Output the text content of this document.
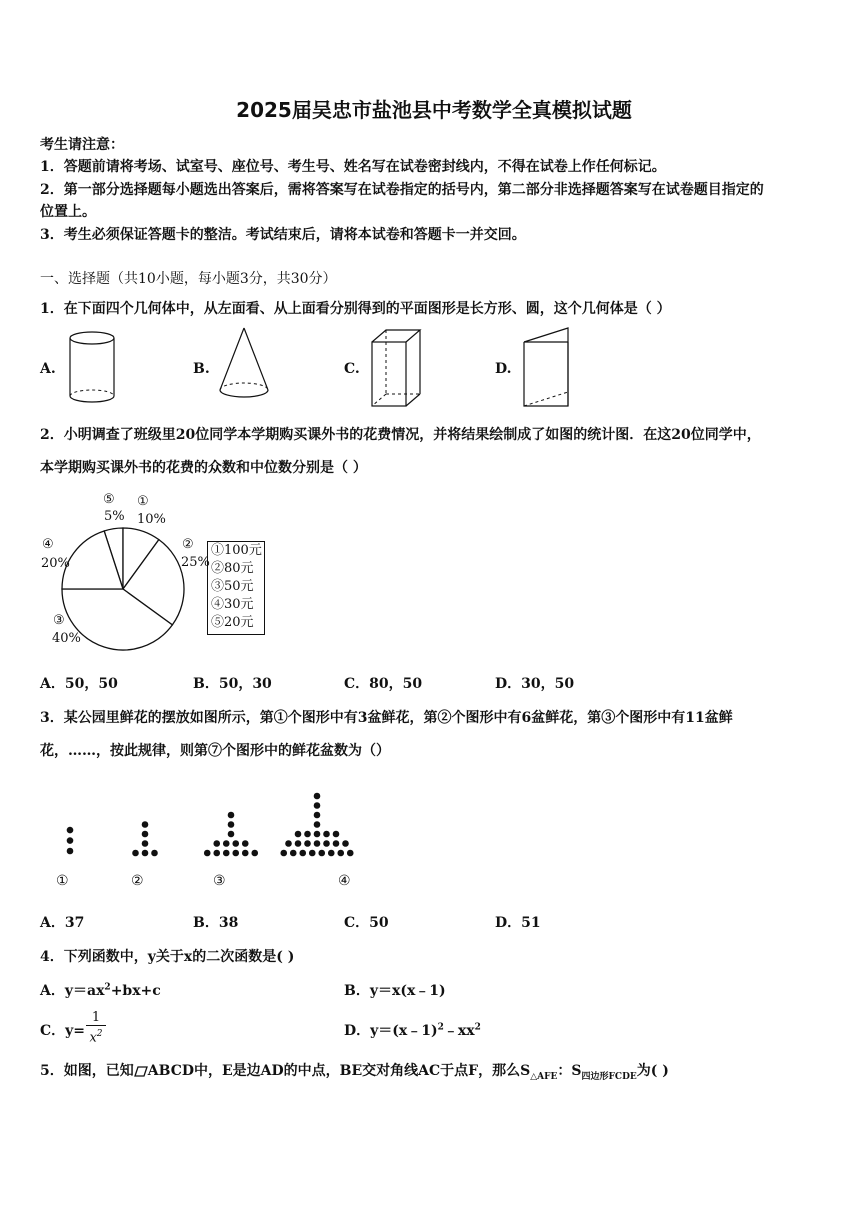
2025届吴忠市盐池县中考数学全真模拟试题
考生请注意：
1．答题前请将考场、试室号、座位号、考生号、姓名写在试卷密封线内，不得在试卷上作任何标记。
2．第一部分选择题每小题选出答案后，需将答案写在试卷指定的括号内，第二部分非选择题答案写在试卷题目指定的
位置上。
3．考生必须保证答题卡的整洁。考试结束后，请将本试卷和答题卡一并交回。
一、选择题（共10小题，每小题3分，共30分）
1．在下面四个几何体中，从左面看、从上面看分别得到的平面图形是长方形、圆，这个几何体是（ ）
A.	B.	C.	D.
2．小明调查了班级里20位同学本学期购买课外书的花费情况，并将结果绘制成了如图的统计图．在这20位同学中，
本学期购买课外书的花费的众数和中位数分别是（ ）
⑤
5%
①
10%
②
25%
④
20%
③
40%
①100元
②80元
③50元
④30元
⑤20元
A．50，50	B．50，30	C．80，50	D．30，50
3．某公园里鲜花的摆放如图所示，第①个图形中有3盆鲜花，第②个图形中有6盆鲜花，第③个图形中有11盆鲜
花，……，按此规律，则第⑦个图形中的鲜花盆数为（）
①	②	③	④
A．37	B．38	C．50	D．51
4．下列函数中，y关于x的二次函数是( )
A．$y=ax^2+bx+c$	B．y＝x(x﹣1)
C．y=
1
$x^2$	D．$y=(x﹣1)^2﹣xx^2$
5．如图，已知 ABCD中，E是边AD的中点，BE交对角线AC于点F，那么$S_{\triangle AFE}$：$S_{四边形FCDE}$为( )
